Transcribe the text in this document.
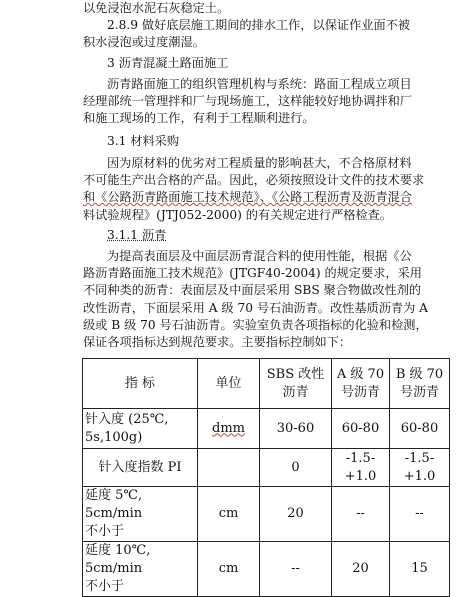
以免浸泡水泥石灰稳定土。
2.8.9 做好底层施工期间的排水工作，以保证作业面不被
积水浸泡或过度潮湿。
3 沥青混凝土路面施工
沥青路面施工的组织管理机构与系统：路面工程成立项目
经理部统一管理拌和厂与现场施工，这样能较好地协调拌和厂
和施工现场的工作，有利于工程顺利进行。
3.1 材料采购
因为原材料的优劣对工程质量的影响甚大，不合格原材料
不可能生产出合格的产品。因此，必须按照设计文件的技术要求
和《公路沥青路面施工技术规范》、《公路工程沥青及沥青混合
料试验规程》(JTJ052-2000) 的有关规定进行严格检查。
3.1.1 沥青
为提高表面层及中面层沥青混合料的使用性能，根据《公
路沥青路面施工技术规范》(JTGF40-2004) 的规定要求，采用
不同种类的沥青：表面层及中面层采用 SBS 聚合物做改性剂的
改性沥青，下面层采用 A 级 70 号石油沥青。改性基质沥青为 A
级或 B 级 70 号石油沥青。实验室负责各项指标的化验和检测，
保证各项指标达到规范要求。主要指标控制如下：
指 标	单位	SBS 改性沥青	A 级 70 号沥青	B 级 70 号沥青

针入度 (25℃,
5s,100g)	dmm	30-60	60-80	60-80

针入度指数 PI		0	-1.5-+1.0	-1.5-+1.0

延度 5℃, 5cm/min
不小于	cm	20	--	--

延度 10℃, 5cm/min
不小于	cm	--	20	15
